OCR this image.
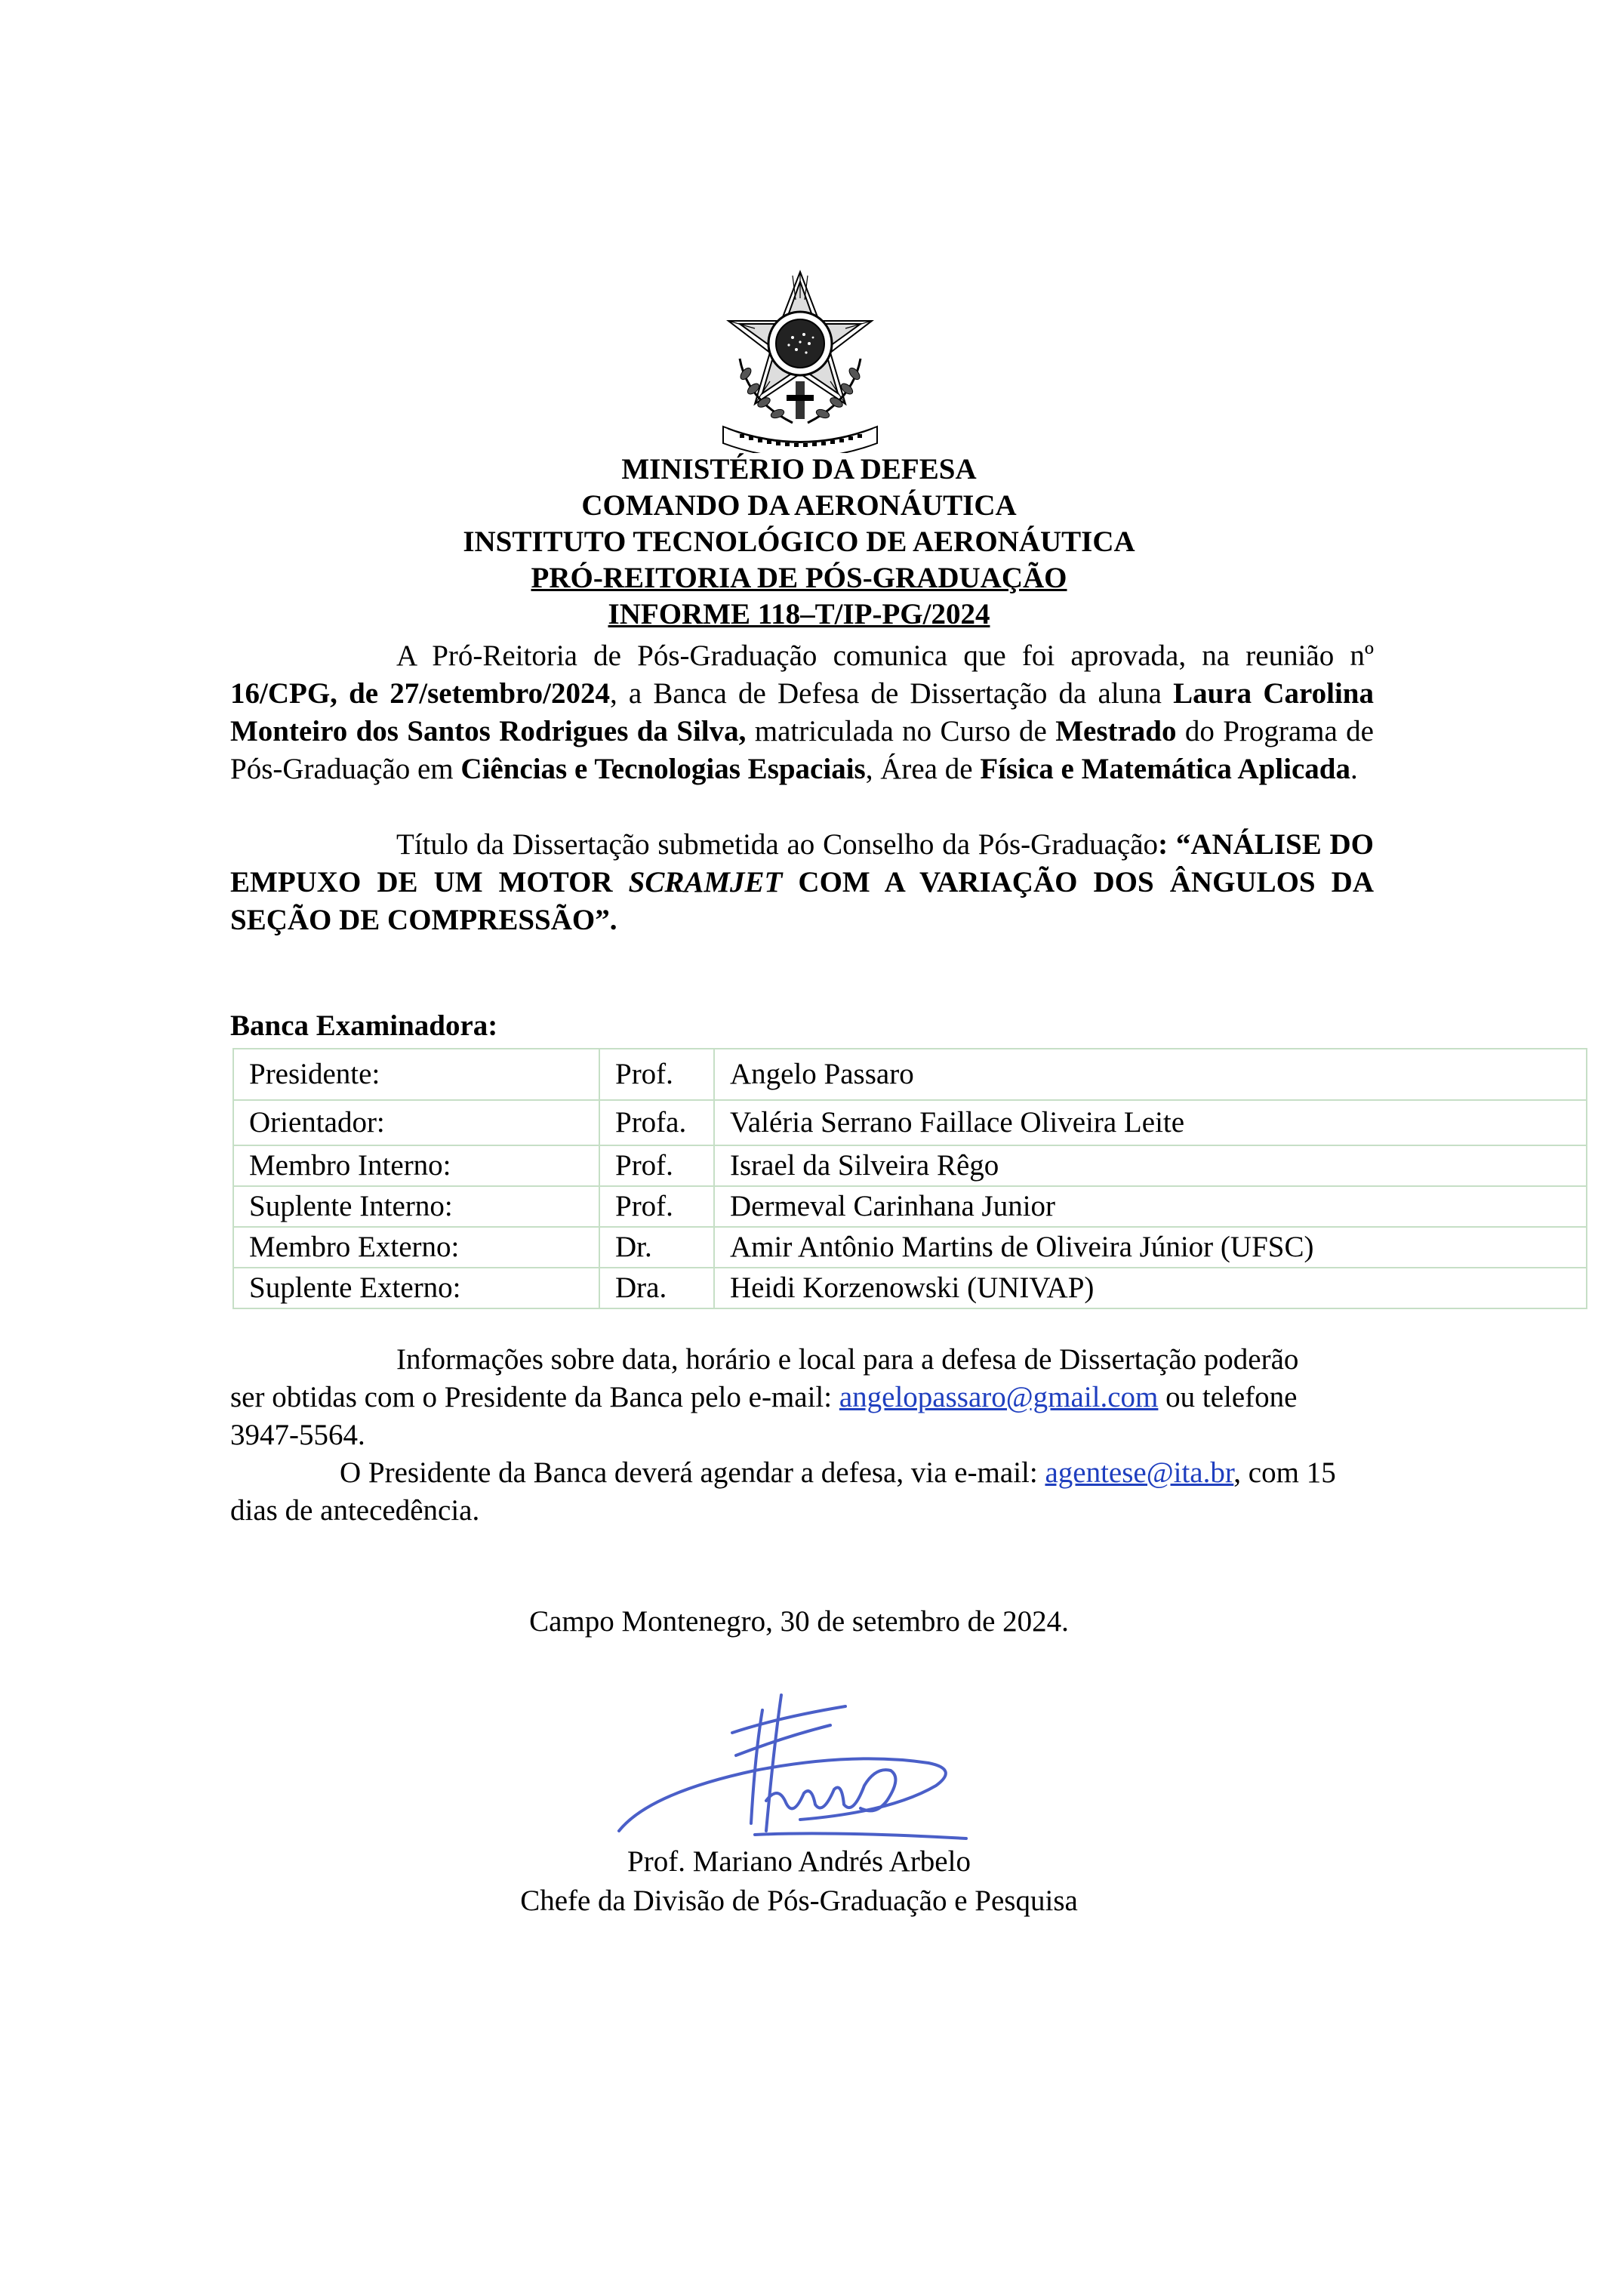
MINISTÉRIO DA DEFESA
COMANDO DA AERONÁUTICA
INSTITUTO TECNOLÓGICO DE AERONÁUTICA
PRÓ-REITORIA DE PÓS-GRADUAÇÃO
INFORME 118–T/IP-PG/2024
A Pró-Reitoria de Pós-Graduação comunica que foi aprovada, na reunião nº 16/CPG, de 27/setembro/2024, a Banca de Defesa de Dissertação da aluna Laura Carolina Monteiro dos Santos Rodrigues da Silva, matriculada no Curso de Mestrado do Programa de Pós-Graduação em Ciências e Tecnologias Espaciais, Área de Física e Matemática Aplicada.
Título da Dissertação submetida ao Conselho da Pós-Graduação: “ANÁLISE DO EMPUXO DE UM MOTOR SCRAMJET COM A VARIAÇÃO DOS ÂNGULOS DA SEÇÃO DE COMPRESSÃO”.
Banca Examinadora:
Presidente:	Prof.	Angelo Passaro
Orientador:	Profa.	Valéria Serrano Faillace Oliveira Leite
Membro Interno:	Prof.	Israel da Silveira Rêgo
Suplente Interno:	Prof.	Dermeval Carinhana Junior
Membro Externo:	Dr.	Amir Antônio Martins de Oliveira Júnior (UFSC)
Suplente Externo:	Dra.	Heidi Korzenowski (UNIVAP)
Informações sobre data, horário e local para a defesa de Dissertação poderão ser obtidas com o Presidente da Banca pelo e-mail: angelopassaro@gmail.com ou telefone 3947-5564.
O Presidente da Banca deverá agendar a defesa, via e-mail: agentese@ita.br, com 15 dias de antecedência.
Campo Montenegro, 30 de setembro de 2024.
Prof. Mariano Andrés Arbelo
Chefe da Divisão de Pós-Graduação e Pesquisa
